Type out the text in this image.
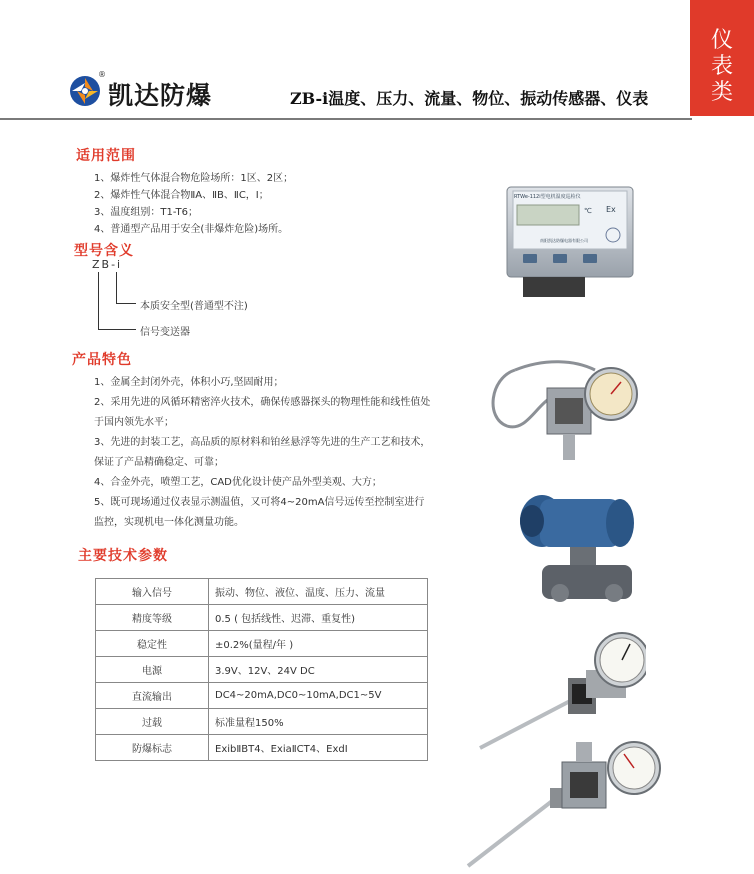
仪
表
类
®
凯达防爆	ZB-i温度、压力、流量、物位、振动传感器、仪表
适用范围
1、爆炸性气体混合物危险场所：1区、2区；
2、爆炸性气体混合物ⅡA、ⅡB、ⅡC，Ⅰ；
3、温度组别：T1-T6；
4、普通型产品用于安全(非爆炸危险)场所。
型号含义
ZB-i
本质安全型(普通型不注)
信号变送器
产品特色
1、金属全封闭外壳，体积小巧,坚固耐用；
2、采用先进的风循环精密淬火技术，确保传感器探头的物理性能和线性值处于国内领先水平；
3、先进的封装工艺，高品质的原材料和铂丝悬浮等先进的生产工艺和技术，保证了产品精确稳定、可靠；
4、合金外壳，喷塑工艺，CAD优化设计使产品外型美观、大方；
5、既可现场通过仪表显示测温值，又可将4~20mA信号远传至控制室进行监控，实现机电一体化测量功能。
主要技术参数
输入信号	振动、物位、液位、温度、压力、流量
精度等级	0.5 ( 包括线性、迟滞、重复性)
稳定性	±0.2%(量程/年 )
电源	3.9V、12V、24V DC
直流输出	DC4~20mA,DC0~10mA,DC1~5V
过载	标准量程150%
防爆标志	ExibⅡBT4、ExiaⅡCT4、ExdⅠ
RTWe-112i型电机温度巡检仪
Ex
℃
南阳凯达防爆电器有限公司
